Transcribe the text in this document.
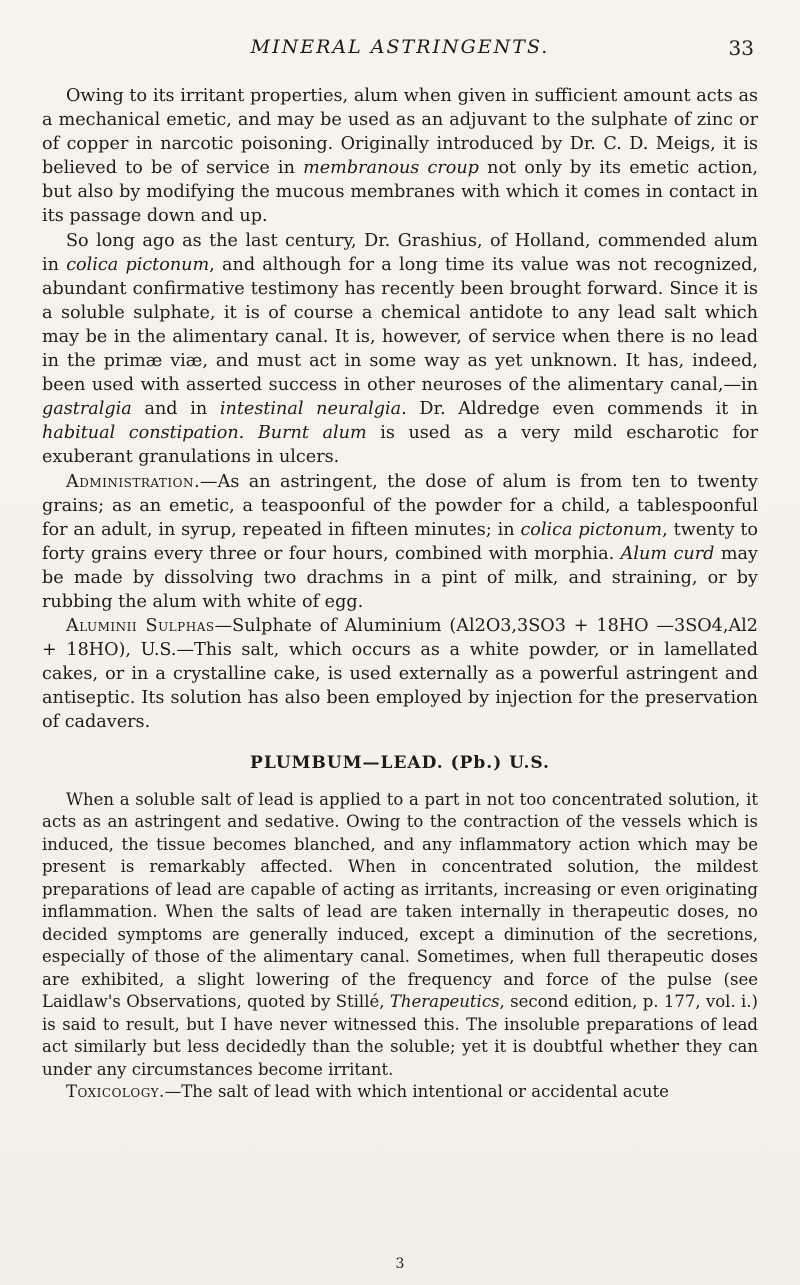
MINERAL ASTRINGENTS.	33

Owing to its irritant properties, alum when given in sufficient amount acts as a mechanical emetic, and may be used as an adjuvant to the sulphate of zinc or of copper in narcotic poisoning. Originally introduced by Dr. C. D. Meigs, it is believed to be of service in membranous croup not only by its emetic action, but also by modifying the mucous membranes with which it comes in contact in its passage down and up.

So long ago as the last century, Dr. Grashius, of Holland, commended alum in colica pictonum, and although for a long time its value was not recognized, abundant confirmative testimony has recently been brought forward. Since it is a soluble sulphate, it is of course a chemical antidote to any lead salt which may be in the alimentary canal. It is, however, of service when there is no lead in the primæ viæ, and must act in some way as yet unknown. It has, indeed, been used with asserted success in other neuroses of the alimentary canal,—in gastralgia and in intestinal neuralgia. Dr. Aldredge even commends it in habitual constipation. Burnt alum is used as a very mild escharotic for exuberant granulations in ulcers.

Administration.—As an astringent, the dose of alum is from ten to twenty grains; as an emetic, a teaspoonful of the powder for a child, a tablespoonful for an adult, in syrup, repeated in fifteen minutes; in colica pictonum, twenty to forty grains every three or four hours, combined with morphia. Alum curd may be made by dissolving two drachms in a pint of milk, and straining, or by rubbing the alum with white of egg.

Aluminii Sulphas—Sulphate of Aluminium (Al2O3,3SO3 + 18HO —3SO4,Al2 + 18HO), U.S.—This salt, which occurs as a white powder, or in lamellated cakes, or in a crystalline cake, is used externally as a powerful astringent and antiseptic. Its solution has also been employed by injection for the preservation of cadavers.

PLUMBUM—LEAD. (Pb.) U.S.

When a soluble salt of lead is applied to a part in not too concentrated solution, it acts as an astringent and sedative. Owing to the contraction of the vessels which is induced, the tissue becomes blanched, and any inflammatory action which may be present is remarkably affected. When in concentrated solution, the mildest preparations of lead are capable of acting as irritants, increasing or even originating inflammation. When the salts of lead are taken internally in therapeutic doses, no decided symptoms are generally induced, except a diminution of the secretions, especially of those of the alimentary canal. Sometimes, when full therapeutic doses are exhibited, a slight lowering of the frequency and force of the pulse (see Laidlaw's Observations, quoted by Stillé, Therapeutics, second edition, p. 177, vol. i.) is said to result, but I have never witnessed this. The insoluble preparations of lead act similarly but less decidedly than the soluble; yet it is doubtful whether they can under any circumstances become irritant.

Toxicology.—The salt of lead with which intentional or accidental acute

3
